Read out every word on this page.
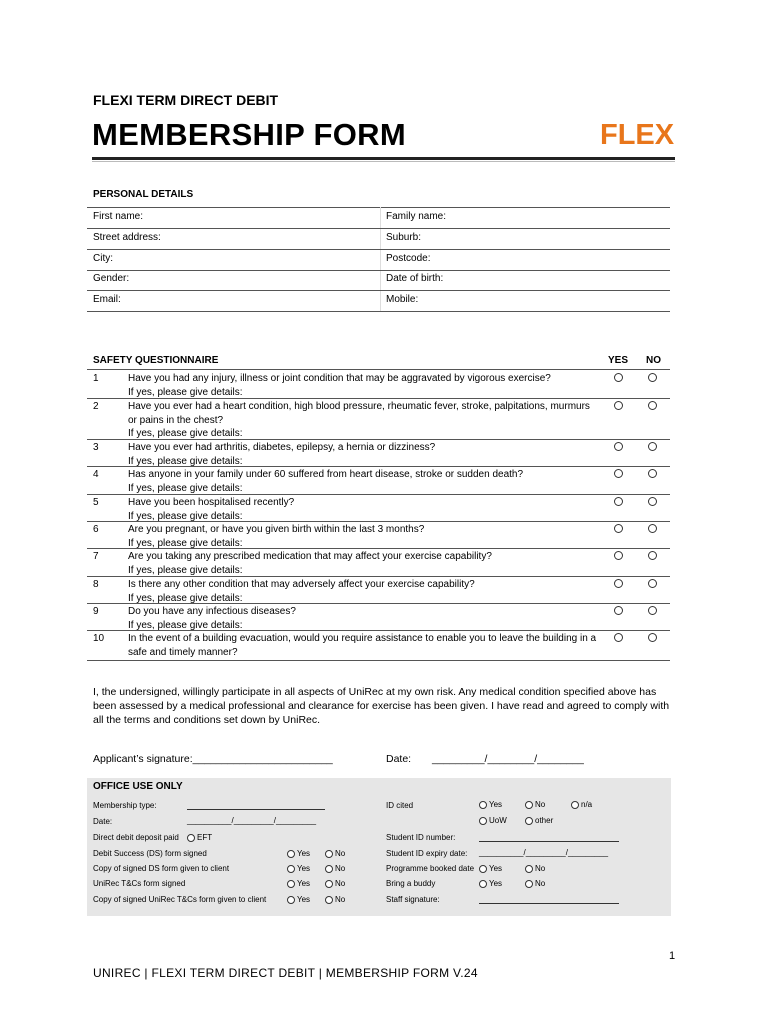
FLEXI TERM DIRECT DEBIT
MEMBERSHIP FORM	FLEX
PERSONAL DETAILS
First name:	Family name:
Street address:	Suburb:
City:	Postcode:
Gender:	Date of birth:
Email:	Mobile:
SAFETY QUESTIONNAIRE	YES NO
1	Have you had any injury, illness or joint condition that may be aggravated by vigorous exercise?
If yes, please give details:
2	Have you ever had a heart condition, high blood pressure, rheumatic fever, stroke, palpitations, murmurs or pains in the chest?
If yes, please give details:
3	Have you ever had arthritis, diabetes, epilepsy, a hernia or dizziness?
If yes, please give details:
4	Has anyone in your family under 60 suffered from heart disease, stroke or sudden death?
If yes, please give details:
5	Have you been hospitalised recently?
If yes, please give details:
6	Are you pregnant, or have you given birth within the last 3 months?
If yes, please give details:
7	Are you taking any prescribed medication that may affect your exercise capability?
If yes, please give details:
8	Is there any other condition that may adversely affect your exercise capability?
If yes, please give details:
9	Do you have any infectious diseases?
If yes, please give details:
10 In the event of a building evacuation, would you require assistance to enable you to leave the building in a safe and timely manner?
I, the undersigned, willingly participate in all aspects of UniRec at my own risk. Any medical condition specified above has been assessed by a medical professional and clearance for exercise has been given. I have read and agreed to comply with all the terms and conditions set down by UniRec.
Applicant’s signature:________________________	Date: _________/________/________
OFFICE USE ONLY
Membership type:
Date:	__________/_________/_________
Direct debit deposit paid EFT
Debit Success (DS) form signed	Yes	No
Copy of signed DS form given to client	Yes	No
UniRec T&Cs form signed	Yes	No
Copy of signed UniRec T&Cs form given to client	Yes	No
ID cited	Yes	No	n/a
UoW	other
Student ID number:
Student ID expiry date: __________/_________/_________
Programme booked date Yes	No
Bring a buddy	Yes	No
Staff signature:
1
UNIREC | FLEXI TERM DIRECT DEBIT | MEMBERSHIP FORM V.24
